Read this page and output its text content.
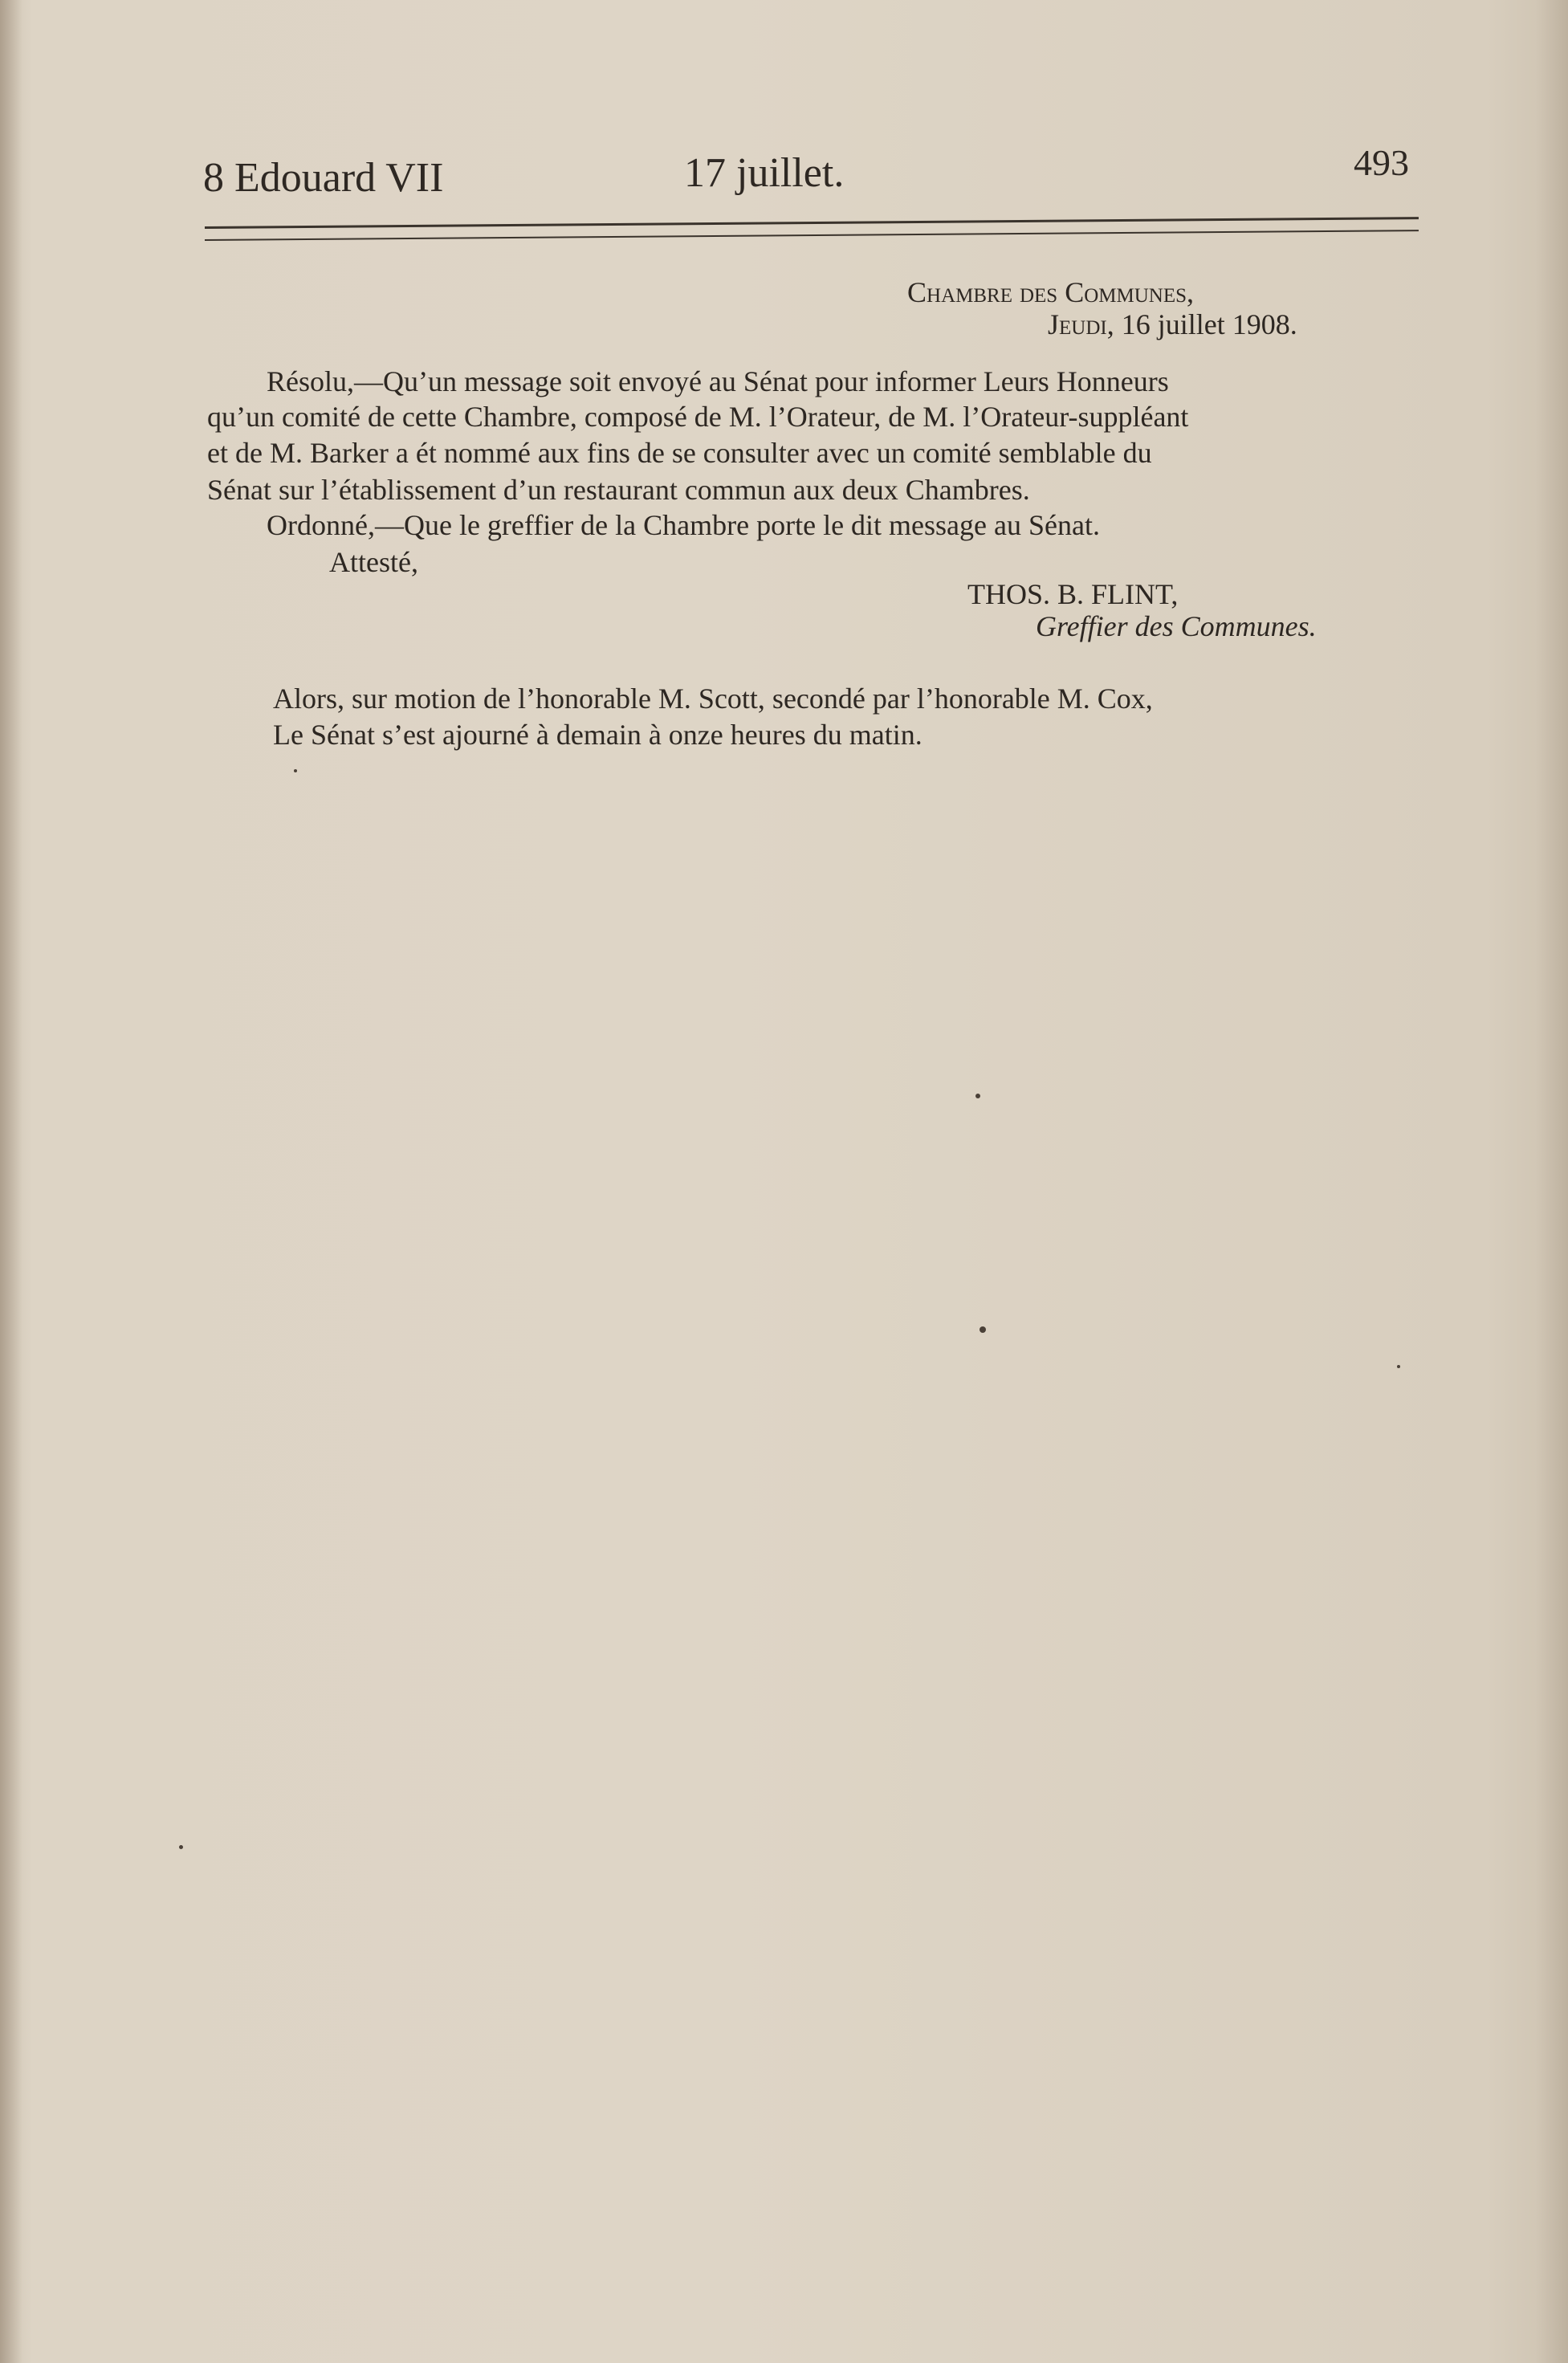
8 Edouard VII	17 juillet.	493
Chambre des Communes,
Jeudi, 16 juillet 1908.
Résolu,—Qu’un message soit envoyé au Sénat pour informer Leurs Honneurs
qu’un comité de cette Chambre, composé de M. l’Orateur, de M. l’Orateur-suppléant
et de M. Barker a ét nommé aux fins de se consulter avec un comité semblable du
Sénat sur l’établissement d’un restaurant commun aux deux Chambres.
Ordonné,—Que le greffier de la Chambre porte le dit message au Sénat.
Attesté,
THOS. B. FLINT,
Greffier des Communes.
Alors, sur motion de l’honorable M. Scott, secondé par l’honorable M. Cox,
Le Sénat s’est ajourné à demain à onze heures du matin.
